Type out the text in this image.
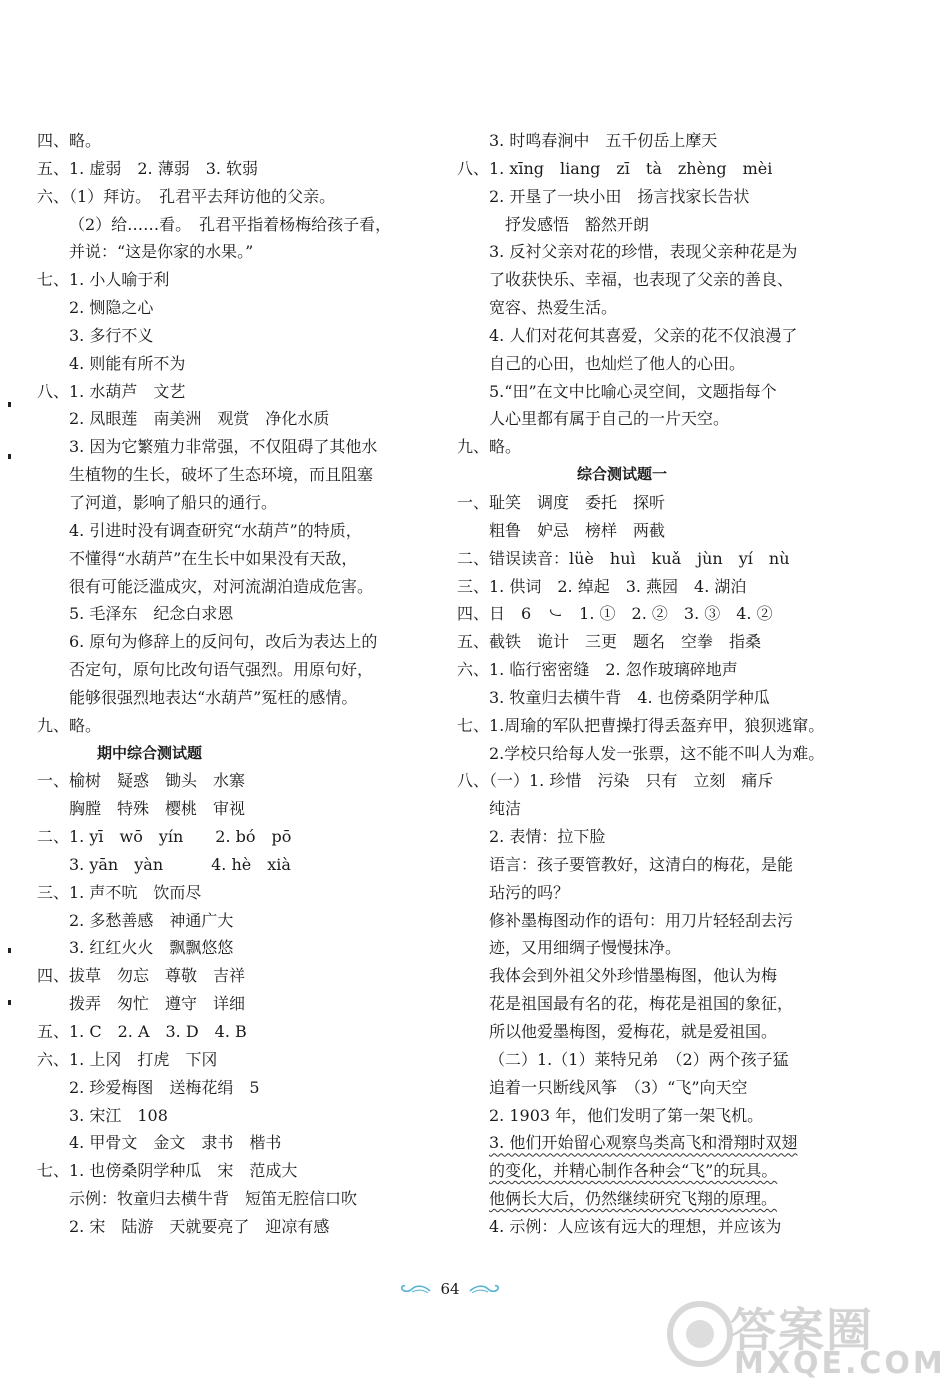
四、略。
五、1. 虚弱　2. 薄弱　3. 软弱
六、（1）拜访。　孔君平去拜访他的父亲。
（2）给……看。　孔君平指着杨梅给孩子看，
并说：“这是你家的水果。”
七、1. 小人喻于利
2. 恻隐之心
3. 多行不义
4. 则能有所不为
八、1. 水葫芦　文艺
2. 凤眼莲　南美洲　观赏　净化水质
3. 因为它繁殖力非常强，不仅阻碍了其他水
生植物的生长，破坏了生态环境，而且阻塞
了河道，影响了船只的通行。
4. 引进时没有调查研究“水葫芦”的特质，
不懂得“水葫芦”在生长中如果没有天敌，
很有可能泛滥成灾，对河流湖泊造成危害。
5. 毛泽东　纪念白求恩
6. 原句为修辞上的反问句，改后为表达上的
否定句，原句比改句语气强烈。用原句好，
能够很强烈地表达“水葫芦”冤枉的感情。
九、略。
期中综合测试题
一、榆树　疑惑　锄头　水寨
胸膛　特殊　樱桃　审视
二、1. yī　wō　yín　　2. bó　pō
3. yān　yàn　　　4. hè　xià
三、1. 声不吭　饮而尽
2. 多愁善感　神通广大
3. 红红火火　飘飘悠悠
四、拔草　勿忘　尊敬　吉祥
拨弄　匆忙　遵守　详细
五、1. C　2. A　3. D　4. B
六、1. 上冈　打虎　下冈
2. 珍爱梅图　送梅花绢　5
3. 宋江　108
4. 甲骨文　金文　隶书　楷书
七、1. 也傍桑阴学种瓜　宋　范成大
示例：牧童归去横牛背　短笛无腔信口吹
2. 宋　陆游　天就要亮了　迎凉有感
3. 时鸣春涧中　五千仞岳上摩天
八、1. xīng　liang　zī　tà　zhèng　mèi
2. 开垦了一块小田　扬言找家长告状
抒发感悟　豁然开朗
3. 反衬父亲对花的珍惜，表现父亲种花是为
了收获快乐、幸福，也表现了父亲的善良、
宽容、热爱生活。
4. 人们对花何其喜爱，父亲的花不仅浪漫了
自己的心田，也灿烂了他人的心田。
5.“田”在文中比喻心灵空间，文题指每个
人心里都有属于自己的一片天空。
九、略。
综合测试题一
一、耻笑　调度　委托　探听
粗鲁　妒忌　榜样　两截
二、错误读音：lüè　huì　kuǎ　jùn　yí　nù
三、1. 供词　2. 绰起　3. 燕园　4. 湖泊
四、日　6　㇃　1. ①　2. ②　3. ③　4. ②
五、截铁　诡计　三更　题名　空拳　指桑
六、1. 临行密密缝　2. 忽作玻璃碎地声
3. 牧童归去横牛背　4. 也傍桑阴学种瓜
七、1.周瑜的军队把曹操打得丢盔弃甲，狼狈逃窜。
2.学校只给每人发一张票，这不能不叫人为难。
八、（一）1. 珍惜　污染　只有　立刻　痛斥
纯洁
2. 表情：拉下脸
语言：孩子要管教好，这清白的梅花，是能
玷污的吗？
修补墨梅图动作的语句：用刀片轻轻刮去污
迹，又用细绸子慢慢抹净。
我体会到外祖父外珍惜墨梅图，他认为梅
花是祖国最有名的花，梅花是祖国的象征，
所以他爱墨梅图，爱梅花，就是爱祖国。
（二）1.（1）莱特兄弟　（2）两个孩子猛
追着一只断线风筝　（3）“飞”向天空
2. 1903 年，他们发明了第一架飞机。
3. 他们开始留心观察鸟类高飞和滑翔时双翅
的变化，并精心制作各种会“飞”的玩具。
他俩长大后，仍然继续研究飞翔的原理。
4. 示例：人应该有远大的理想，并应该为
64
答案圈
MXQE.COM
